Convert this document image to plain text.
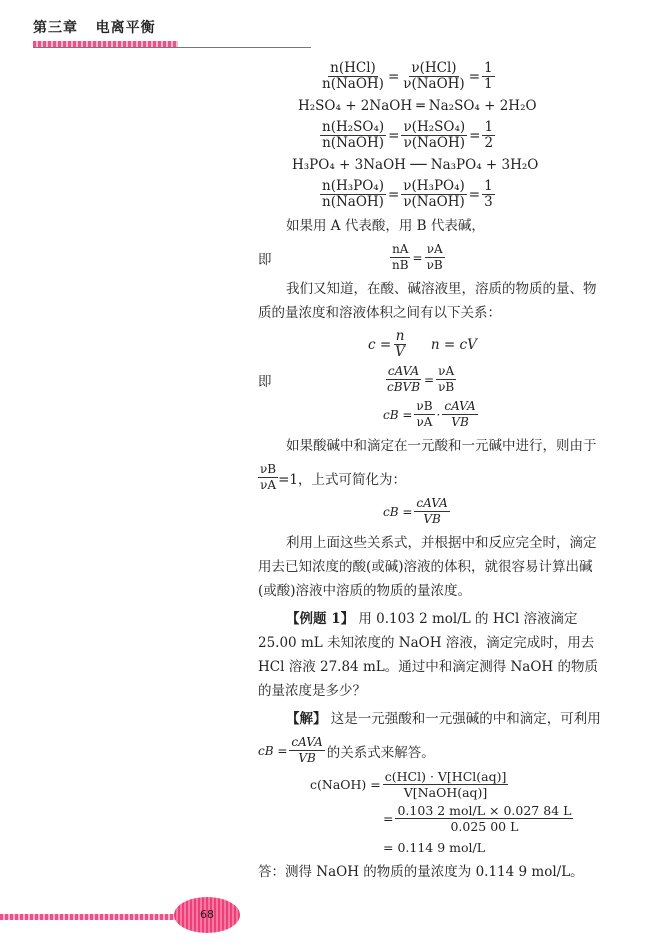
第三章 电离平衡
$\frac{\text{n(HCl)}}{\text{n(NaOH)}} = \frac{\text{ν(HCl)}}{\text{ν(NaOH)}} = \frac{1}{1}$
H₂SO₄ + 2NaOH ═ Na₂SO₄ + 2H₂O
$\frac{\text{n(H₂SO₄)}}{\text{n(NaOH)}} = \frac{\text{ν(H₂SO₄)}}{\text{ν(NaOH)}} = \frac{1}{2}$
H₃PO₄ + 3NaOH ── Na₃PO₄ + 3H₂O
$\frac{\text{n(H₃PO₄)}}{\text{n(NaOH)}} = \frac{\text{ν(H₃PO₄)}}{\text{ν(NaOH)}} = \frac{1}{3}$
如果用 A 代表酸，用 B 代表碱，
即	$\frac{nA}{nB} = \frac{\nu A}{\nu B}$
我们又知道，在酸、碱溶液里，溶质的物质的量、物质的量浓度和溶液体积之间有以下关系：
$c = \frac{n}{V}$ n = cV
即	$\frac{\text{cAVA}}{\text{cBVB}} = \frac{\nu A}{\nu B}$
cB = $\frac{\nu B}{\nu A} \cdot \frac{\text{cAVA}}{VB}$
如果酸碱中和滴定在一元酸和一元碱中进行，则由于
$\frac{\nu B}{\nu A} =1$，上式可简化为：
cB = $\frac{\text{cAVA}}{VB}$
利用上面这些关系式，并根据中和反应完全时，滴定用去已知浓度的酸(或碱)溶液的体积，就很容易计算出碱(或酸)溶液中溶质的物质的量浓度。
【例题 1】 用 0.103 2 mol/L 的 HCl 溶液滴定 25.00 mL 未知浓度的 NaOH 溶液，滴定完成时，用去 HCl 溶液 27.84 mL。通过中和滴定测得 NaOH 的物质的量浓度是多少？
【解】 这是一元强酸和一元强碱的中和滴定，可利用
cB = $\frac{\text{cAVA}}{VB}$ 的关系式来解答。
c(NaOH) = $\frac{\text{c(HCl) · V[HCl(aq)]}}{\text{V[NaOH(aq)]}}$
= $\frac{\text{0.103 2 mol/L × 0.027 84 L}}{0.025 00 L}$
= 0.114 9 mol/L
答：测得 NaOH 的物质的量浓度为 0.114 9 mol/L。
68
